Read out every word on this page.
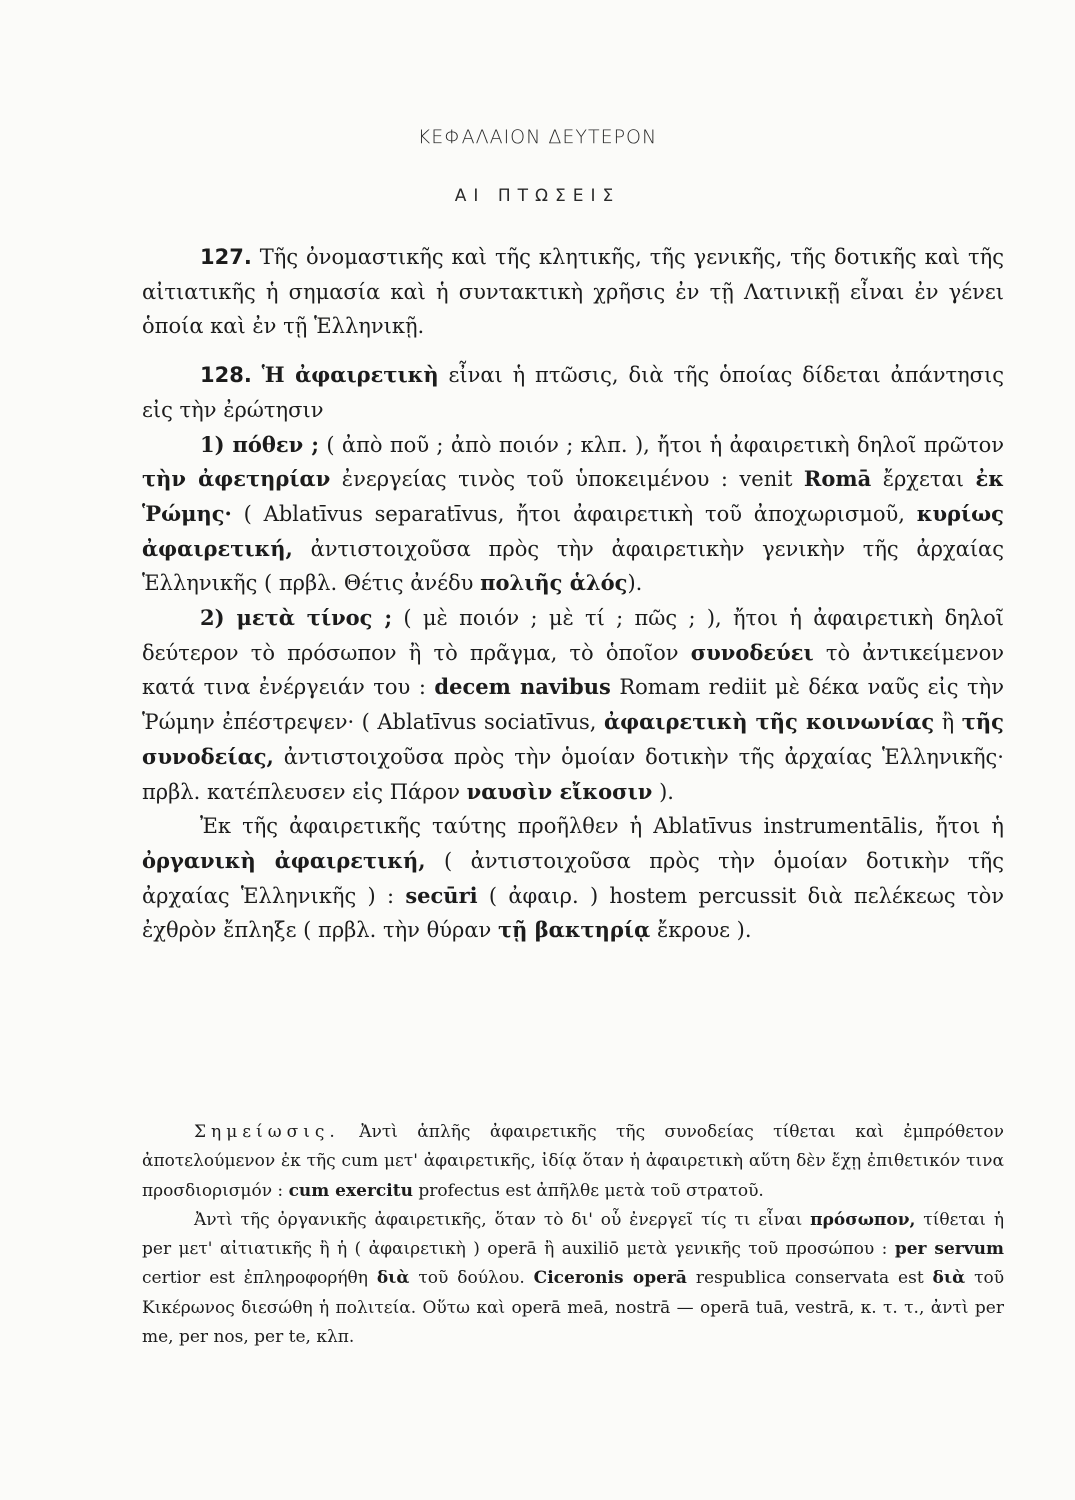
ΚΕΦΑΛΑΙΟΝ ΔΕΥΤΕΡΟΝ
ΑΙ ΠΤΩΣΕΙΣ

127. Τῆς ὀνομαστικῆς καὶ τῆς κλητικῆς, τῆς γενικῆς, τῆς δοτικῆς καὶ τῆς αἰτιατικῆς ἡ σημασία καὶ ἡ συντακτικὴ χρῆσις ἐν τῇ Λατινικῇ εἶναι ἐν γένει ὁποία καὶ ἐν τῇ Ἑλληνικῇ.

128. Ἡ ἀφαιρετικὴ εἶναι ἡ πτῶσις, διὰ τῆς ὁποίας δίδεται ἀπάντησις εἰς τὴν ἐρώτησιν

1) πόθεν ; ( ἀπὸ ποῦ ; ἀπὸ ποιόν ; κλπ. ), ἤτοι ἡ ἀφαιρετικὴ δηλοῖ πρῶτον τὴν ἀφετηρίαν ἐνεργείας τινὸς τοῦ ὑποκειμένου : venit Romā ἔρχεται ἐκ Ῥώμης· ( Ablatīvus separatīvus, ἤτοι ἀφαιρετικὴ τοῦ ἀποχωρισμοῦ, κυρίως ἀφαιρετική, ἀντιστοιχοῦσα πρὸς τὴν ἀφαιρετικὴν γενικὴν τῆς ἀρχαίας Ἑλληνικῆς ( πρβλ. Θέτις ἀνέδυ πολιῆς ἁλός).

2) μετὰ τίνος ; ( μὲ ποιόν ; μὲ τί ; πῶς ; ), ἤτοι ἡ ἀφαιρετικὴ δηλοῖ δεύτερον τὸ πρόσωπον ἢ τὸ πρᾶγμα, τὸ ὁποῖον συνοδεύει τὸ ἀντικείμενον κατά τινα ἐνέργειάν του : decem navibus Romam rediit μὲ δέκα ναῦς εἰς τὴν Ῥώμην ἐπέστρεψεν· ( Ablatīvus sociatīvus, ἀφαιρετικὴ τῆς κοινωνίας ἢ τῆς συνοδείας, ἀντιστοιχοῦσα πρὸς τὴν ὁμοίαν δοτικὴν τῆς ἀρχαίας Ἑλληνικῆς· πρβλ. κατέπλευσεν εἰς Πάρον ναυσὶν εἴκοσιν ).

Ἐκ τῆς ἀφαιρετικῆς ταύτης προῆλθεν ἡ Ablatīvus instrumentālis, ἤτοι ἡ ὀργανικὴ ἀφαιρετική, ( ἀντιστοιχοῦσα πρὸς τὴν ὁμοίαν δοτικὴν τῆς ἀρχαίας Ἑλληνικῆς ) : secūri ( ἀφαιρ. ) hostem percussit διὰ πελέκεως τὸν ἐχθρὸν ἔπληξε ( πρβλ. τὴν θύραν τῇ βακτηρίᾳ ἔκρουε ).

Σημείωσις. Ἀντὶ ἁπλῆς ἀφαιρετικῆς τῆς συνοδείας τίθεται καὶ ἐμπρόθετον ἀποτελούμενον ἐκ τῆς cum μετ' ἀφαιρετικῆς, ἰδίᾳ ὅταν ἡ ἀφαιρετικὴ αὕτη δὲν ἔχῃ ἐπιθετικόν τινα προσδιορισμόν : cum exercitu profectus est ἀπῆλθε μετὰ τοῦ στρατοῦ.

Ἀντὶ τῆς ὀργανικῆς ἀφαιρετικῆς, ὅταν τὸ δι' οὗ ἐνεργεῖ τίς τι εἶναι πρόσωπον, τίθεται ἡ per μετ' αἰτιατικῆς ἢ ἡ ( ἀφαιρετικὴ ) operā ἢ auxiliō μετὰ γενικῆς τοῦ προσώπου : per servum certior est ἐπληροφορήθη διὰ τοῦ δούλου. Ciceronis operā respublica conservata est διὰ τοῦ Κικέρωνος διεσώθη ἡ πολιτεία. Οὕτω καὶ operā meā, nostrā — operā tuā, vestrā, κ. τ. τ., ἀντὶ per me, per nos, per te, κλπ.
